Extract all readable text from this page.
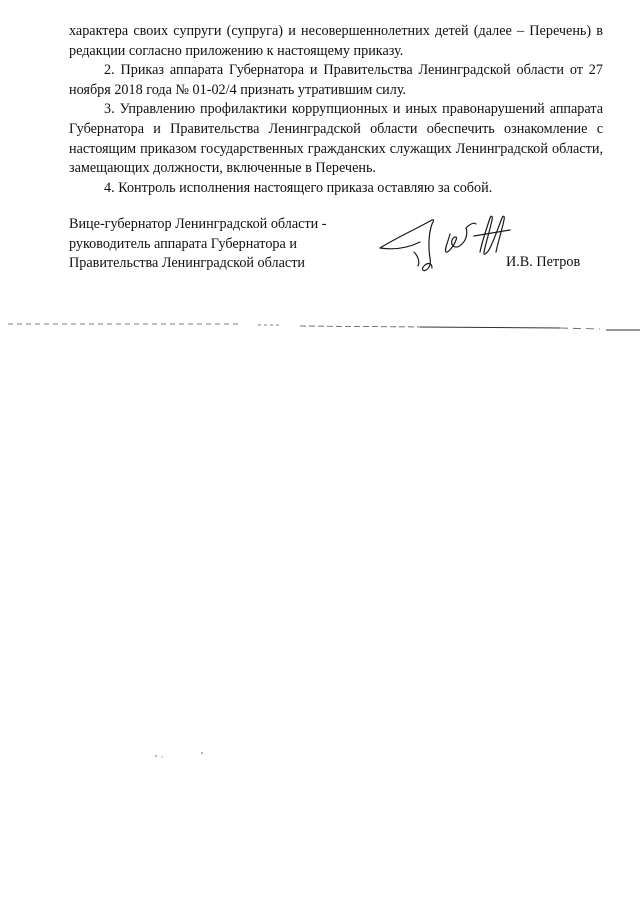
характера своих супруги (супруга) и несовершеннолетних детей (далее – Перечень) в редакции согласно приложению к настоящему приказу.

2. Приказ аппарата Губернатора и Правительства Ленинградской области от 27 ноября 2018 года № 01-02/4 признать утратившим силу.

3. Управлению профилактики коррупционных и иных правонарушений аппарата Губернатора и Правительства Ленинградской области обеспечить ознакомление с настоящим приказом государственных гражданских служащих Ленинградской области, замещающих должности, включенные в Перечень.

4. Контроль исполнения настоящего приказа оставляю за собой.

Вице-губернатор Ленинградской области -
руководитель аппарата Губернатора и
Правительства Ленинградской области	И.В. Петров
